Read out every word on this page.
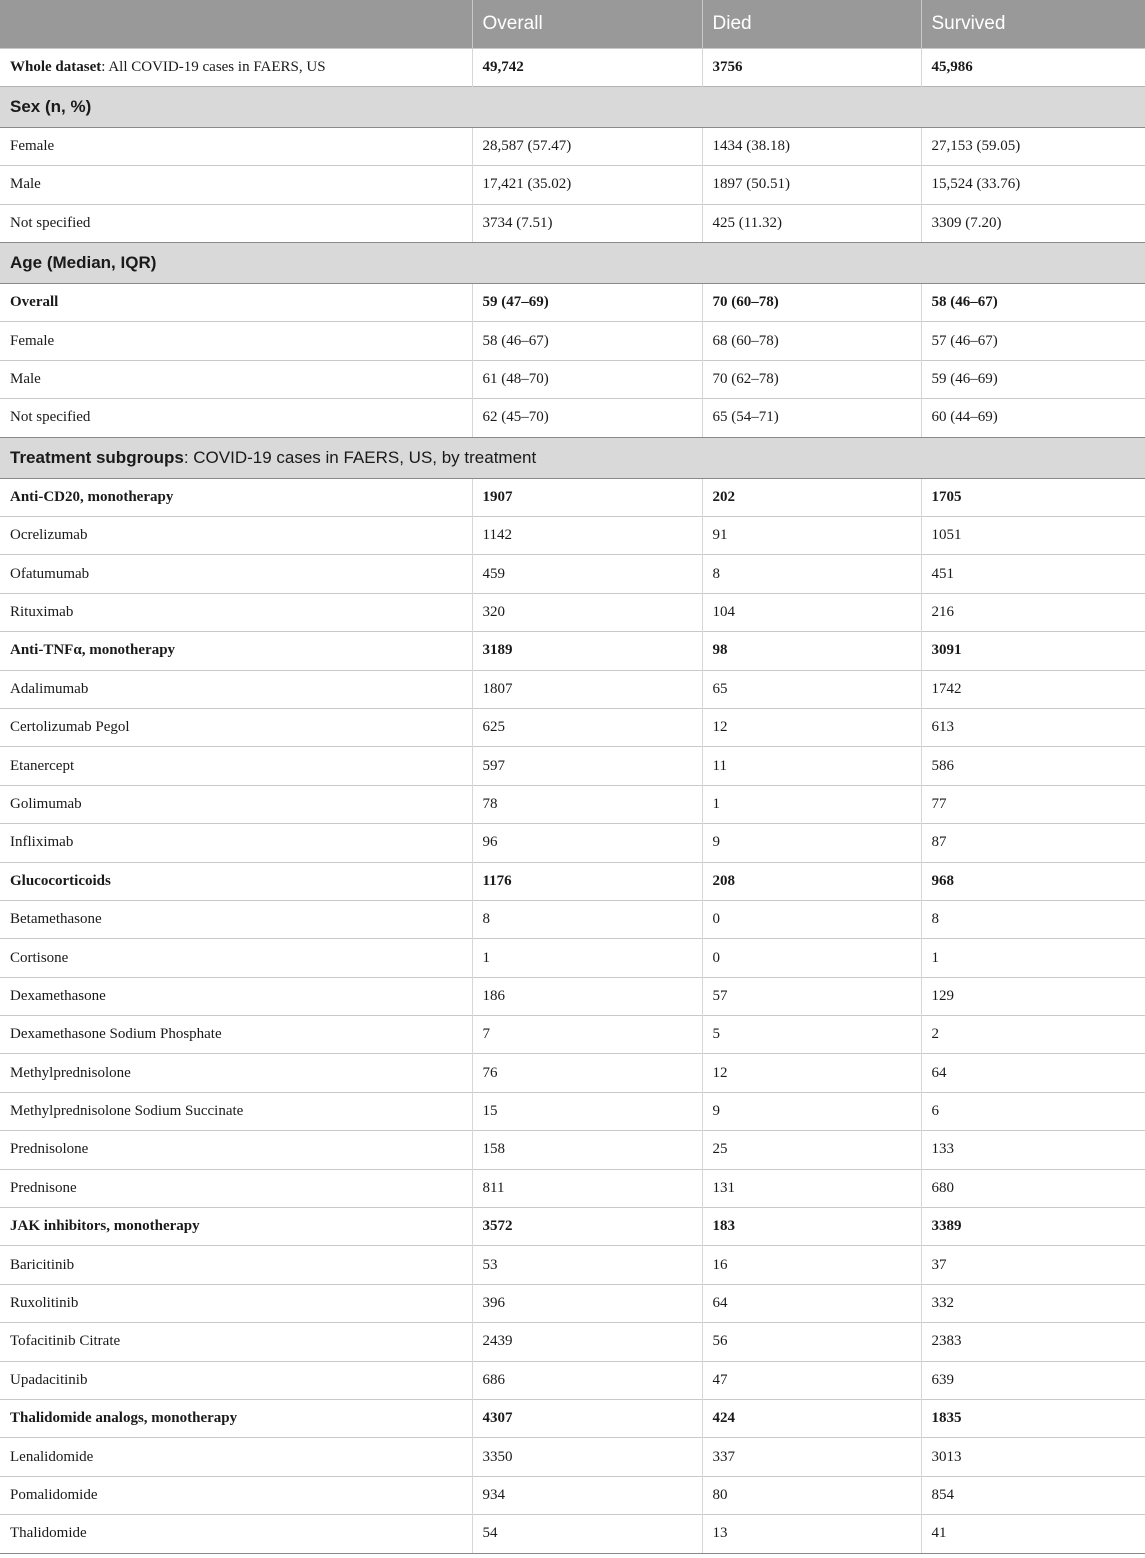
	Overall	Died	Survived
Whole dataset: All COVID-19 cases in FAERS, US	49,742	3756	45,986
Sex (n, %)			
Female	28,587 (57.47)	1434 (38.18)	27,153 (59.05)
Male	17,421 (35.02)	1897 (50.51)	15,524 (33.76)
Not specified	3734 (7.51)	425 (11.32)	3309 (7.20)
Age (Median, IQR)			
Overall	59 (47–69)	70 (60–78)	58 (46–67)
Female	58 (46–67)	68 (60–78)	57 (46–67)
Male	61 (48–70)	70 (62–78)	59 (46–69)
Not specified	62 (45–70)	65 (54–71)	60 (44–69)
Treatment subgroups: COVID-19 cases in FAERS, US, by treatment			
Anti-CD20, monotherapy	1907	202	1705
Ocrelizumab	1142	91	1051
Ofatumumab	459	8	451
Rituximab	320	104	216
Anti-TNFα, monotherapy	3189	98	3091
Adalimumab	1807	65	1742
Certolizumab Pegol	625	12	613
Etanercept	597	11	586
Golimumab	78	1	77
Infliximab	96	9	87
Glucocorticoids	1176	208	968
Betamethasone	8	0	8
Cortisone	1	0	1
Dexamethasone	186	57	129
Dexamethasone Sodium Phosphate	7	5	2
Methylprednisolone	76	12	64
Methylprednisolone Sodium Succinate	15	9	6
Prednisolone	158	25	133
Prednisone	811	131	680
JAK inhibitors, monotherapy	3572	183	3389
Baricitinib	53	16	37
Ruxolitinib	396	64	332
Tofacitinib Citrate	2439	56	2383
Upadacitinib	686	47	639
Thalidomide analogs, monotherapy	4307	424	1835
Lenalidomide	3350	337	3013
Pomalidomide	934	80	854
Thalidomide	54	13	41
